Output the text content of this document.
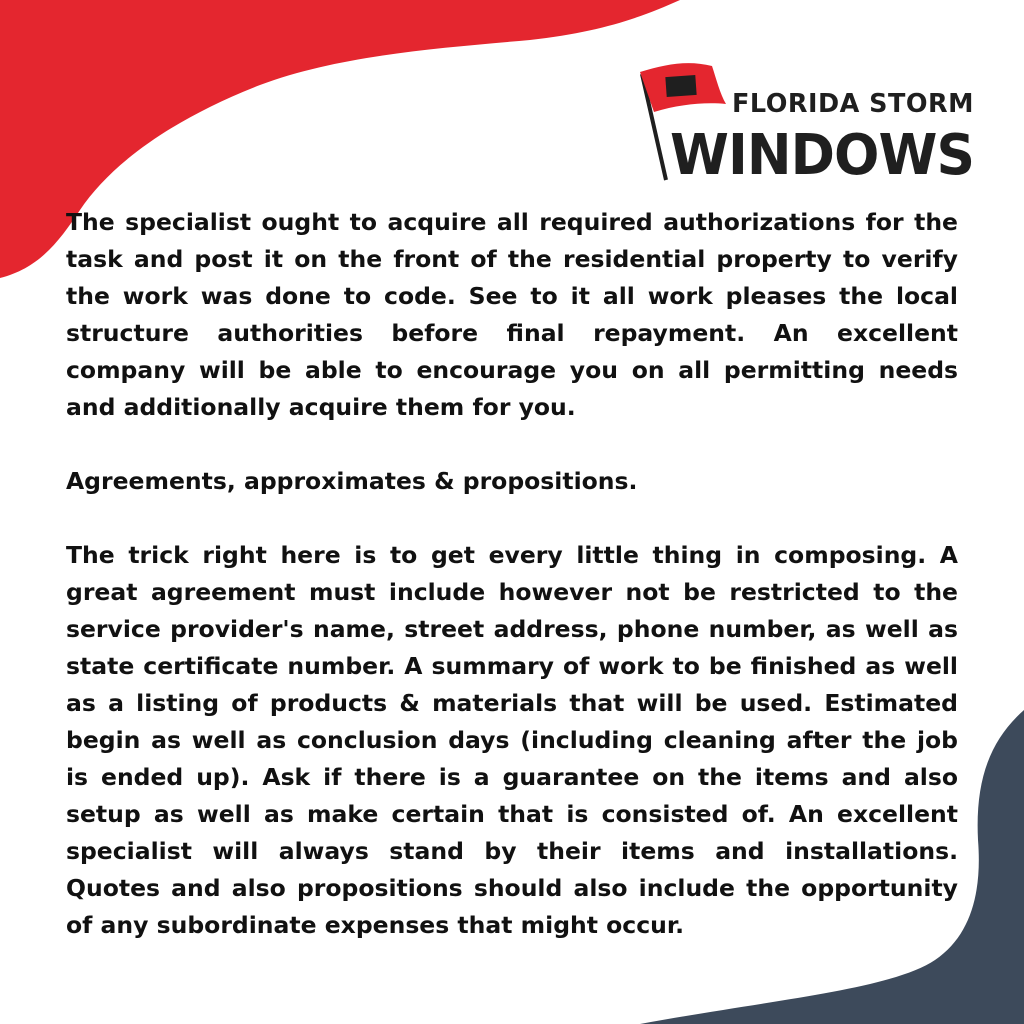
FLORIDA STORM
WINDOWS

The specialist ought to acquire all required authorizations for the task and post it on the front of the residential property to verify the work was done to code. See to it all work pleases the local structure authorities before final repayment. An excellent company will be able to encourage you on all permitting needs and additionally acquire them for you.

Agreements, approximates & propositions.

The trick right here is to get every little thing in composing. A great agreement must include however not be restricted to the service provider's name, street address, phone number, as well as state certificate number. A summary of work to be finished as well as a listing of products & materials that will be used. Estimated begin as well as conclusion days (including cleaning after the job is ended up). Ask if there is a guarantee on the items and also setup as well as make certain that is consisted of. An excellent specialist will always stand by their items and installations. Quotes and also propositions should also include the opportunity of any subordinate expenses that might occur.
